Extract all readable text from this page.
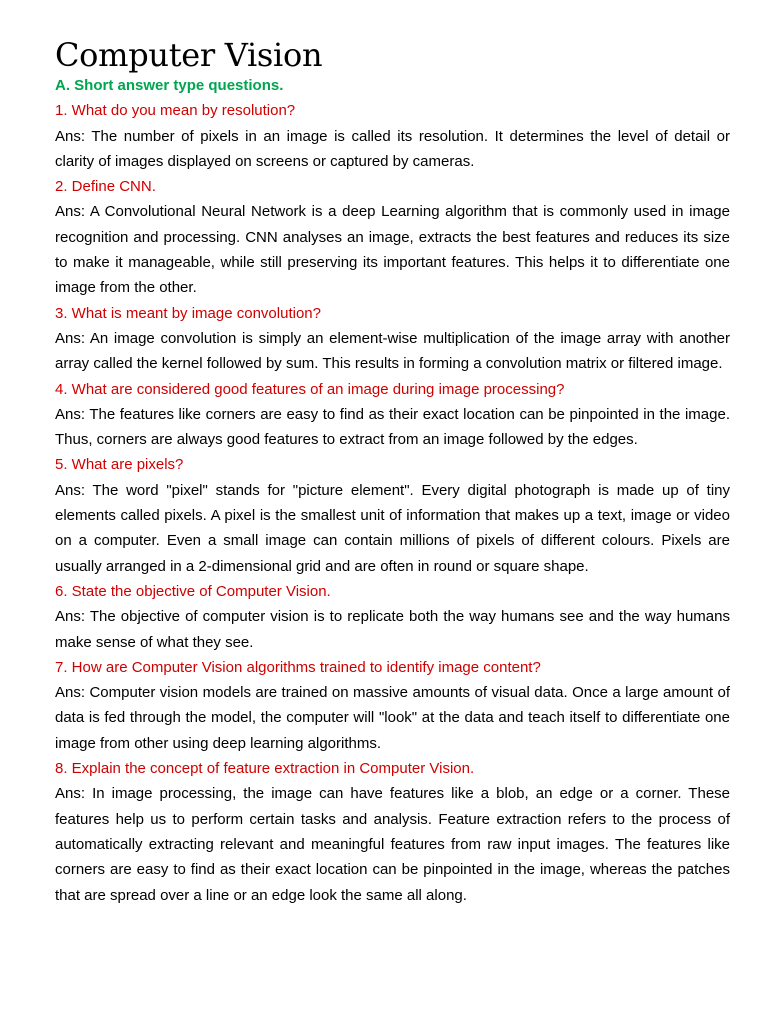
Computer Vision

A. Short answer type questions.

1. What do you mean by resolution?

Ans: The number of pixels in an image is called its resolution. It determines the level of detail or clarity of images displayed on screens or captured by cameras.

2. Define CNN.

Ans: A Convolutional Neural Network is a deep Learning algorithm that is commonly used in image recognition and processing. CNN analyses an image, extracts the best features and reduces its size to make it manageable, while still preserving its important features. This helps it to differentiate one image from the other.

3. What is meant by image convolution?

Ans: An image convolution is simply an element-wise multiplication of the image array with another array called the kernel followed by sum. This results in forming a convolution matrix or filtered image.

4. What are considered good features of an image during image processing?

Ans: The features like corners are easy to find as their exact location can be pinpointed in the image. Thus, corners are always good features to extract from an image followed by the edges.

5. What are pixels?

Ans: The word "pixel" stands for "picture element". Every digital photograph is made up of tiny elements called pixels. A pixel is the smallest unit of information that makes up a text, image or video on a computer. Even a small image can contain millions of pixels of different colours. Pixels are usually arranged in a 2-dimensional grid and are often in round or square shape.

6. State the objective of Computer Vision.

Ans: The objective of computer vision is to replicate both the way humans see and the way humans make sense of what they see.

7. How are Computer Vision algorithms trained to identify image content?

Ans: Computer vision models are trained on massive amounts of visual data. Once a large amount of data is fed through the model, the computer will "look" at the data and teach itself to differentiate one image from other using deep learning algorithms.

8. Explain the concept of feature extraction in Computer Vision.

Ans: In image processing, the image can have features like a blob, an edge or a corner. These features help us to perform certain tasks and analysis. Feature extraction refers to the process of automatically extracting relevant and meaningful features from raw input images. The features like corners are easy to find as their exact location can be pinpointed in the image, whereas the patches that are spread over a line or an edge look the same all along.
